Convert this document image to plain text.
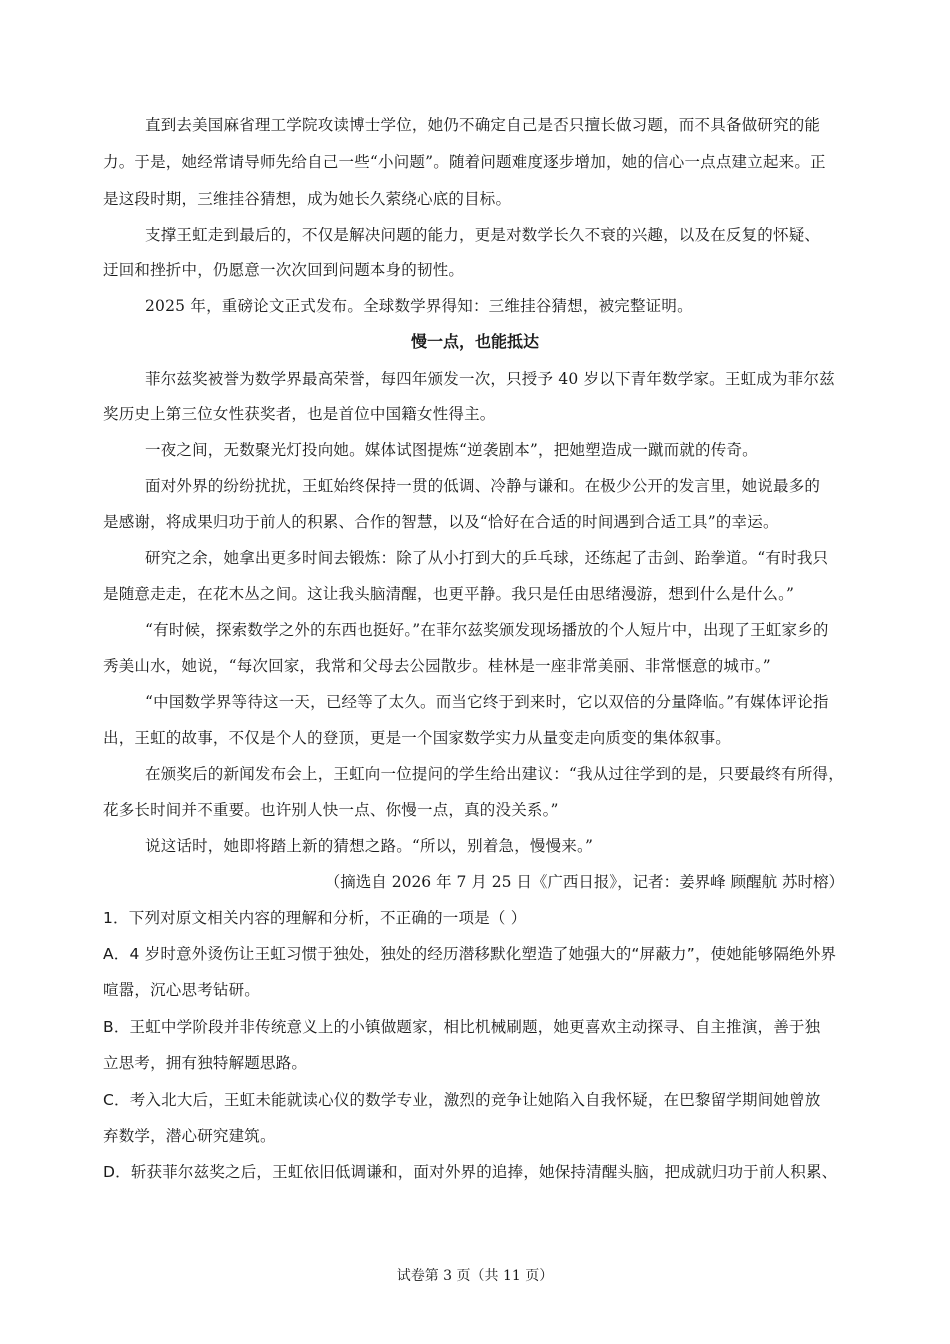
直到去美国麻省理工学院攻读博士学位，她仍不确定自己是否只擅长做习题，而不具备做研究的能
力。于是，她经常请导师先给自己一些“小问题”。随着问题难度逐步增加，她的信心一点点建立起来。正
是这段时期，三维挂谷猜想，成为她长久萦绕心底的目标。
支撑王虹走到最后的，不仅是解决问题的能力，更是对数学长久不衰的兴趣，以及在反复的怀疑、
迂回和挫折中，仍愿意一次次回到问题本身的韧性。
2025 年，重磅论文正式发布。全球数学界得知：三维挂谷猜想，被完整证明。
慢一点，也能抵达
菲尔兹奖被誉为数学界最高荣誉，每四年颁发一次，只授予 40 岁以下青年数学家。王虹成为菲尔兹
奖历史上第三位女性获奖者，也是首位中国籍女性得主。
一夜之间，无数聚光灯投向她。媒体试图提炼“逆袭剧本”，把她塑造成一蹴而就的传奇。
面对外界的纷纷扰扰，王虹始终保持一贯的低调、冷静与谦和。在极少公开的发言里，她说最多的
是感谢，将成果归功于前人的积累、合作的智慧，以及“恰好在合适的时间遇到合适工具”的幸运。
研究之余，她拿出更多时间去锻炼：除了从小打到大的乒乓球，还练起了击剑、跆拳道。“有时我只
是随意走走，在花木丛之间。这让我头脑清醒，也更平静。我只是任由思绪漫游，想到什么是什么。”
“有时候，探索数学之外的东西也挺好。”在菲尔兹奖颁发现场播放的个人短片中，出现了王虹家乡的
秀美山水，她说，“每次回家，我常和父母去公园散步。桂林是一座非常美丽、非常惬意的城市。”
“中国数学界等待这一天，已经等了太久。而当它终于到来时，它以双倍的分量降临。”有媒体评论指
出，王虹的故事，不仅是个人的登顶，更是一个国家数学实力从量变走向质变的集体叙事。
在颁奖后的新闻发布会上，王虹向一位提问的学生给出建议：“我从过往学到的是，只要最终有所得，
花多长时间并不重要。也许别人快一点、你慢一点，真的没关系。”
说这话时，她即将踏上新的猜想之路。“所以，别着急，慢慢来。”
（摘选自 2026 年 7 月 25 日《广西日报》，记者：姜界峰 顾醒航 苏时榕）
1．下列对原文相关内容的理解和分析，不正确的一项是（ ）
A．4 岁时意外烫伤让王虹习惯于独处，独处的经历潜移默化塑造了她强大的“屏蔽力”，使她能够隔绝外界
喧嚣，沉心思考钻研。
B．王虹中学阶段并非传统意义上的小镇做题家，相比机械刷题，她更喜欢主动探寻、自主推演，善于独
立思考，拥有独特解题思路。
C．考入北大后，王虹未能就读心仪的数学专业，激烈的竞争让她陷入自我怀疑，在巴黎留学期间她曾放
弃数学，潜心研究建筑。
D．斩获菲尔兹奖之后，王虹依旧低调谦和，面对外界的追捧，她保持清醒头脑，把成就归功于前人积累、
试卷第 3 页（共 11 页）
